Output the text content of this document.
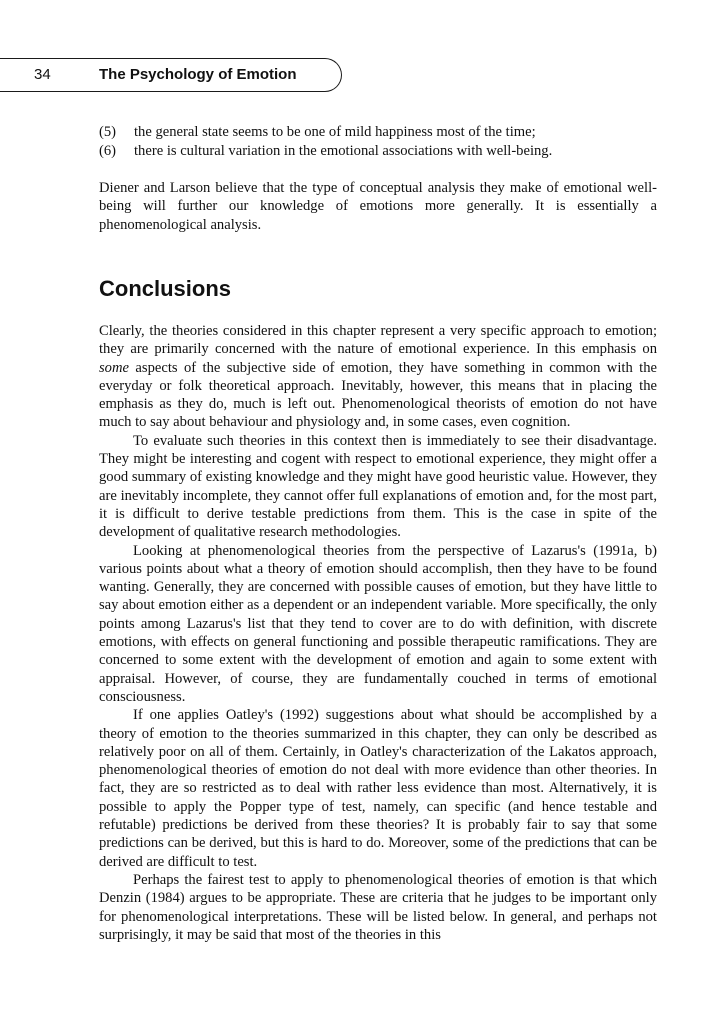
34	The Psychology of Emotion
(5)	the general state seems to be one of mild happiness most of the time;
(6)	there is cultural variation in the emotional associations with well-being.

Diener and Larson believe that the type of conceptual analysis they make of emotional well-being will further our knowledge of emotions more generally. It is essentially a phenomenological analysis.

Conclusions

Clearly, the theories considered in this chapter represent a very specific approach to emotion; they are primarily concerned with the nature of emotional experience. In this emphasis on some aspects of the subjective side of emotion, they have something in common with the everyday or folk theoretical approach. Inevitably, however, this means that in placing the emphasis as they do, much is left out. Phenomenological theorists of emotion do not have much to say about behaviour and physiology and, in some cases, even cognition.

To evaluate such theories in this context then is immediately to see their disadvantage. They might be interesting and cogent with respect to emotional experience, they might offer a good summary of existing knowledge and they might have good heuristic value. However, they are inevitably incomplete, they cannot offer full explanations of emotion and, for the most part, it is difficult to derive testable predictions from them. This is the case in spite of the development of qualitative research methodologies.

Looking at phenomenological theories from the perspective of Lazarus's (1991a, b) various points about what a theory of emotion should accomplish, then they have to be found wanting. Generally, they are concerned with possible causes of emotion, but they have little to say about emotion either as a dependent or an independent variable. More specifically, the only points among Lazarus's list that they tend to cover are to do with definition, with discrete emotions, with effects on general functioning and possible therapeutic ramifications. They are concerned to some extent with the development of emotion and again to some extent with appraisal. However, of course, they are fundamentally couched in terms of emotional consciousness.

If one applies Oatley's (1992) suggestions about what should be accomplished by a theory of emotion to the theories summarized in this chapter, they can only be described as relatively poor on all of them. Certainly, in Oatley's characterization of the Lakatos approach, phenomenological theories of emotion do not deal with more evidence than other theories. In fact, they are so restricted as to deal with rather less evidence than most. Alternatively, it is possible to apply the Popper type of test, namely, can specific (and hence testable and refutable) predictions be derived from these theories? It is probably fair to say that some predictions can be derived, but this is hard to do. Moreover, some of the predictions that can be derived are difficult to test.

Perhaps the fairest test to apply to phenomenological theories of emotion is that which Denzin (1984) argues to be appropriate. These are criteria that he judges to be important only for phenomenological interpretations. These will be listed below. In general, and perhaps not surprisingly, it may be said that most of the theories in this
